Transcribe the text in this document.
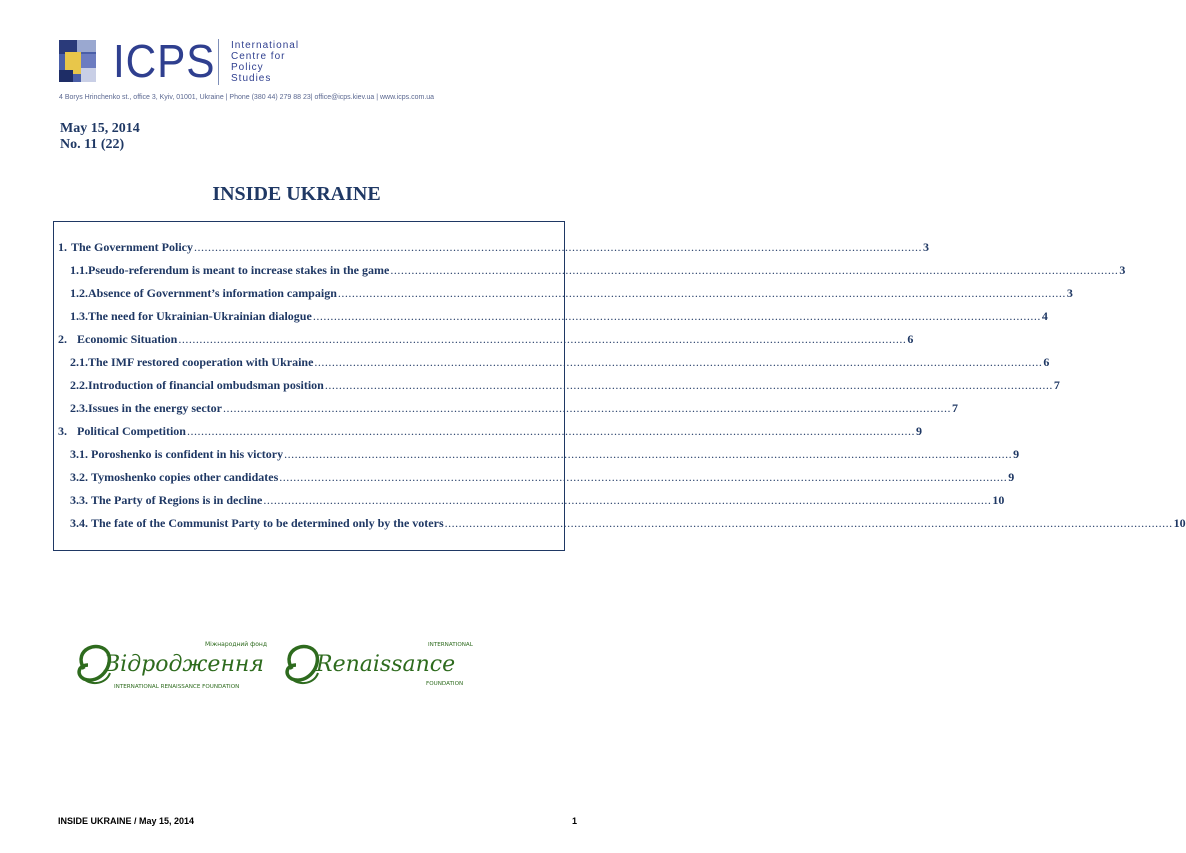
ICPS International
Centre for
Policy
Studies
4 Borys Hrinchenko st., office 3, Kyiv, 01001, Ukraine | Phone (380 44) 279 88 23| office@icps.kiev.ua | www.icps.com.ua
May 15, 2014
No. 11 (22)
INSIDE UKRAINE
1. The Government Policy .....	3
1.1. Pseudo-referendum is meant to increase stakes in the game .....	3
1.2. Absence of Government’s information campaign .....	3
1.3. The need for Ukrainian-Ukrainian dialogue .....	4
2. Economic Situation .....	6
2.1. The IMF restored cooperation with Ukraine .....	6
2.2. Introduction of financial ombudsman position .....	7
2.3. Issues in the energy sector .....	7
3. Political Competition .....	9
3.1. Poroshenko is confident in his victory .....	9
3.2. Tymoshenko copies other candidates .....	9
3.3. The Party of Regions is in decline .....	10
3.4. The fate of the Communist Party to be determined only by the voters .....	10
Міжнародний фонд
Відродження
INTERNATIONAL RENAISSANCE FOUNDATION
INTERNATIONAL
Renaissance
FOUNDATION
INSIDE UKRAINE / May 15, 2014	1
